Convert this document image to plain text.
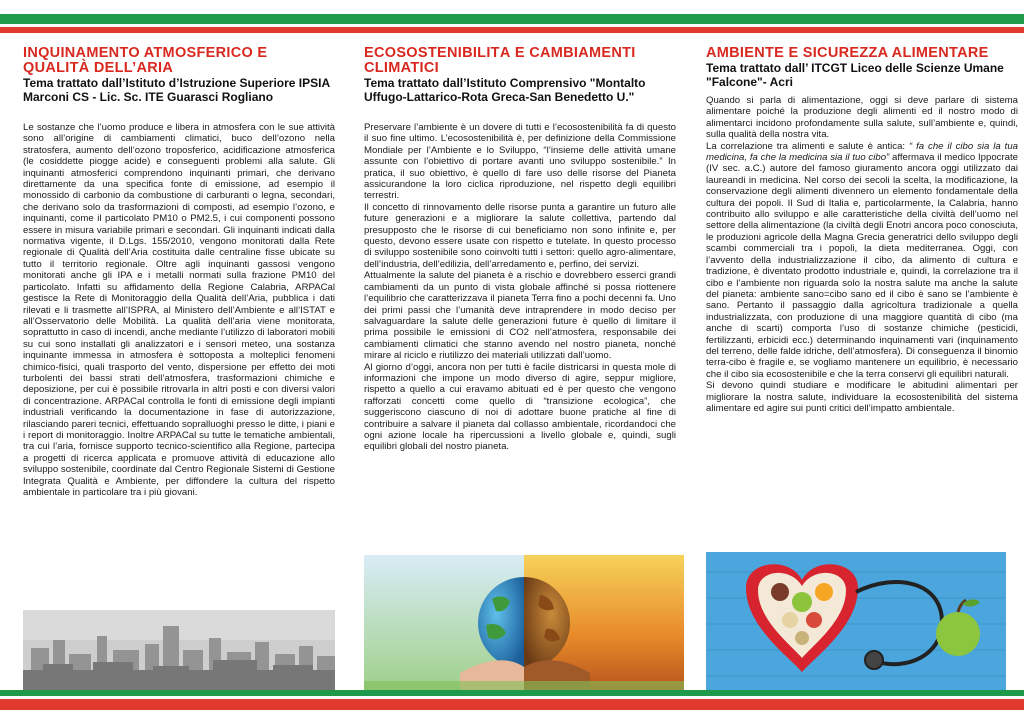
INQUINAMENTO ATMOSFERICO E QUALITÀ DELL’ARIA
Tema trattato dall’Istituto d’Istruzione Superiore IPSIA Marconi CS - Lic. Sc. ITE Guarasci Rogliano

Le sostanze che l’uomo produce e libera in atmosfera con le sue attività sono all’origine di cambiamenti climatici, buco dell’ozono nella stratosfera, aumento dell’ozono troposferico, acidificazione atmosferica (le cosiddette piogge acide) e conseguenti problemi alla salute. Gli inquinanti atmosferici comprendono inquinanti primari, che derivano direttamente da una specifica fonte di emissione, ad esempio il monossido di carbonio da combustione di carburanti o legna, secondari, che derivano solo da trasformazioni di composti, ad esempio l’ozono, e inquinanti, come il particolato PM10 o PM2.5, i cui componenti possono essere in misura variabile primari e secondari. Gli inquinanti indicati dalla normativa vigente, il D.Lgs. 155/2010, vengono monitorati dalla Rete regionale di Qualità dell’Aria costituita dalle centraline fisse ubicate su tutto il territorio regionale. Oltre agli inquinanti gassosi vengono monitorati anche gli IPA e i metalli normati sulla frazione PM10 del particolato. Infatti su affidamento della Regione Calabria, ARPACal gestisce la Rete di Monitoraggio della Qualità dell’Aria, pubblica i dati rilevati e li trasmette all’ISPRA, al Ministero dell’Ambiente e all’ISTAT e all’Osservatorio delle Mobilità. La qualità dell’aria viene monitorata, soprattutto in caso di incendi, anche mediante l’utilizzo di laboratori mobili su cui sono installati gli analizzatori e i sensori meteo, una sostanza inquinante immessa in atmosfera è sottoposta a molteplici fenomeni chimico-fisici, quali trasporto del vento, dispersione per effetto dei moti turbolenti dei bassi strati dell’atmosfera, trasformazioni chimiche e deposizione, per cui è possibile ritrovarla in altri posti e con diversi valori di concentrazione. ARPACal controlla le fonti di emissione degli impianti industriali verificando la documentazione in fase di autorizzazione, rilasciando pareri tecnici, effettuando sopralluoghi presso le ditte, i piani e i report di monitoraggio. Inoltre ARPACal su tutte le tematiche ambientali, tra cui l’aria, fornisce supporto tecnico-scientifico alla Regione, partecipa a progetti di ricerca applicata e promuove attività di educazione allo sviluppo sostenibile, coordinate dal Centro Regionale Sistemi di Gestione Integrata Qualità e Ambiente, per diffondere la cultura del rispetto ambientale in particolare tra i più giovani.

ECOSOSTENIBILITÀ E CAMBIAMENTI CLIMATICI
Tema trattato dall’Istituto Comprensivo "Montalto Uffugo-Lattarico-Rota Greca-San Benedetto U."

Preservare l’ambiente è un dovere di tutti e l’ecosostenibilità fa di questo il suo fine ultimo. L’ecosostenibilità è, per definizione della Commissione Mondiale per l’Ambiente e lo Sviluppo, “l’insieme delle attività umane assunte con l’obiettivo di portare avanti uno sviluppo sostenibile.” In pratica, il suo obiettivo, è quello di fare uso delle risorse del Pianeta assicurandone la loro ciclica riproduzione, nel rispetto degli equilibri terrestri.

Il concetto di rinnovamento delle risorse punta a garantire un futuro alle future generazioni e a migliorare la salute collettiva, partendo dal presupposto che le risorse di cui beneficiamo non sono infinite e, per questo, devono essere usate con rispetto e tutelate. In questo processo di sviluppo sostenibile sono coinvolti tutti i settori: quello agro-alimentare, dell’industria, dell’edilizia, dell’arredamento e, perfino, dei servizi.

Attualmente la salute del pianeta è a rischio e dovrebbero esserci grandi cambiamenti da un punto di vista globale affinché si possa riottenere l’equilibrio che caratterizzava il pianeta Terra fino a pochi decenni fa. Uno dei primi passi che l’umanità deve intraprendere in modo deciso per salvaguardare la salute delle generazioni future è quello di limitare il prima possibile le emissioni di CO2 nell’atmosfera, responsabile dei cambiamenti climatici che stanno avendo nel nostro pianeta, nonché mirare al riciclo e riutilizzo dei materiali utilizzati dall’uomo.

Al giorno d’oggi, ancora non per tutti è facile districarsi in questa mole di informazioni che impone un modo diverso di agire, seppur migliore, rispetto a quello a cui eravamo abituati ed è per questo che vengono rafforzati concetti come quello di “transizione ecologica”, che suggeriscono ciascuno di noi di adottare buone pratiche al fine di contribuire a salvare il pianeta dal collasso ambientale, ricordandoci che ogni azione locale ha ripercussioni a livello globale e, quindi, sugli equilibri globali del nostro pianeta.

AMBIENTE E SICUREZZA ALIMENTARE
Tema trattato dall’ ITCGT Liceo delle Scienze Umane "Falcone"- Acri

Quando si parla di alimentazione, oggi si deve parlare di sistema alimentare poiché la produzione degli alimenti ed il nostro modo di alimentarci incidono profondamente sulla salute, sull’ambiente e, quindi, sulla qualità della nostra vita.

La correlazione tra alimenti e salute è antica: “ fa che il cibo sia la tua medicina, fa che la medicina sia il tuo cibo” affermava il medico Ippocrate (IV sec. a.C.) autore del famoso giuramento ancora oggi utilizzato dai laureandi in medicina. Nel corso dei secoli la scelta, la modificazione, la conservazione degli alimenti divennero un elemento fondamentale della cultura dei popoli. Il Sud di Italia e, particolarmente, la Calabria, hanno contribuito allo sviluppo e alle caratteristiche della civiltà dell’uomo nel settore della alimentazione (la civiltà degli Enotri ancora poco conosciuta, le produzioni agricole della Magna Grecia generatrici dello sviluppo degli scambi commerciali tra i popoli, la dieta mediterranea. Oggi, con l’avvento della industrializzazione il cibo, da alimento di cultura e tradizione, è diventato prodotto industriale e, quindi, la correlazione tra il cibo e l’ambiente non riguarda solo la nostra salute ma anche la salute del pianeta: ambiente sano=cibo sano ed il cibo è sano se l’ambiente è sano. Pertanto il passaggio dalla agricoltura tradizionale a quella industrializzata, con produzione di una maggiore quantità di cibo (ma anche di scarti) comporta l’uso di sostanze chimiche (pesticidi, fertilizzanti, erbicidi ecc.) determinando inquinamenti vari (inquinamento del terreno, delle falde idriche, dell’atmosfera). Di conseguenza il binomio terra-cibo è fragile e, se vogliamo mantenere un equilibrio, è necessario che il cibo sia ecosostenibile e che la terra conservi gli equilibri naturali.

Si devono quindi studiare e modificare le abitudini alimentari per migliorare la nostra salute, individuare la ecosostenibilità del sistema alimentare ed agire sui punti critici dell’impatto ambientale.
